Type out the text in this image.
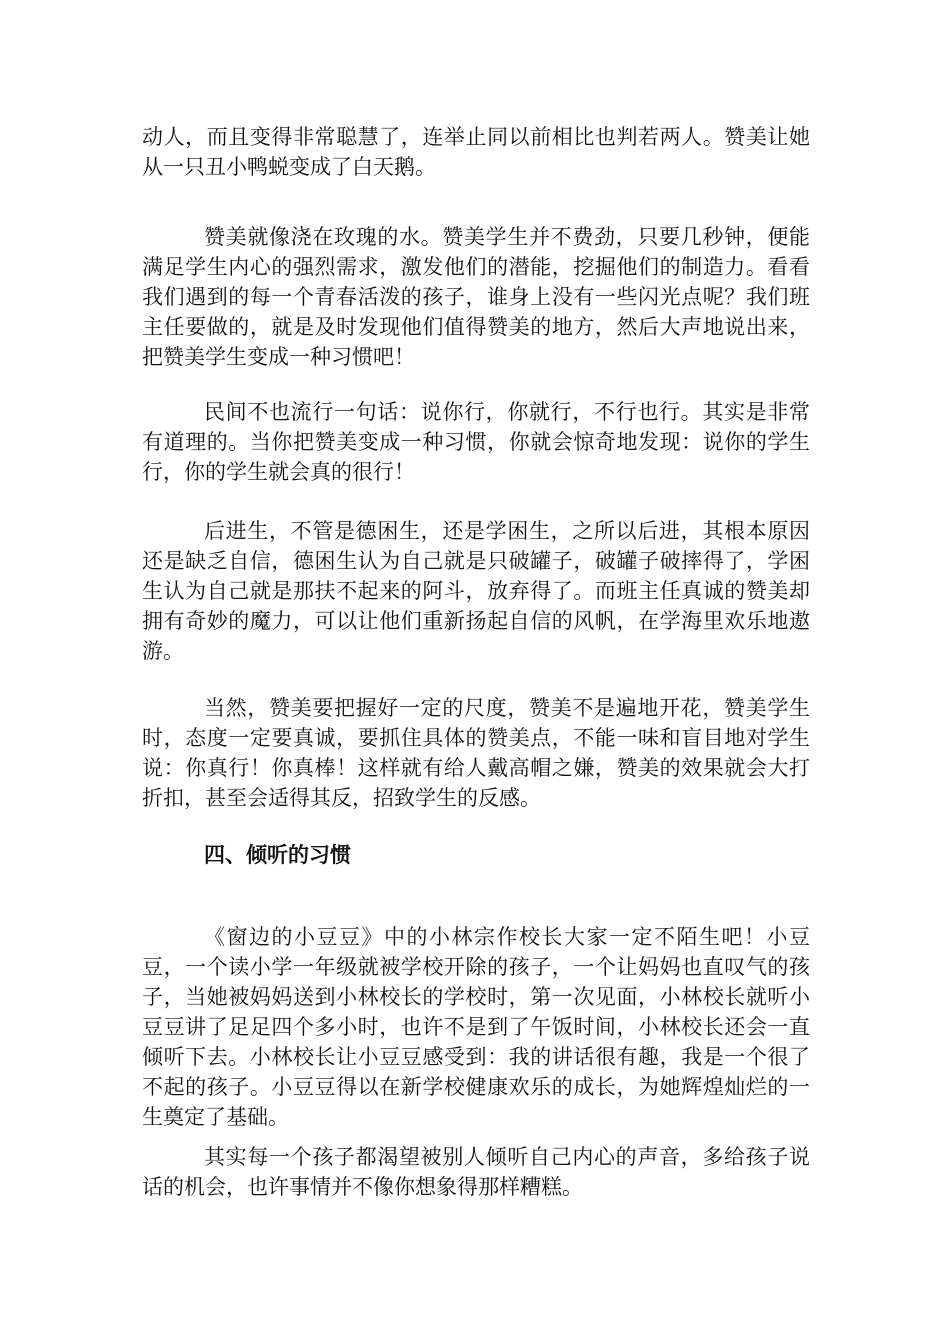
动人，而且变得非常聪慧了，连举止同以前相比也判若两人。赞美让她从一只丑小鸭蜕变成了白天鹅。

赞美就像浇在玫瑰的水。赞美学生并不费劲，只要几秒钟，便能满足学生内心的强烈需求，激发他们的潜能，挖掘他们的制造力。看看我们遇到的每一个青春活泼的孩子，谁身上没有一些闪光点呢？我们班主任要做的，就是及时发现他们值得赞美的地方，然后大声地说出来，把赞美学生变成一种习惯吧！

民间不也流行一句话：说你行，你就行，不行也行。其实是非常有道理的。当你把赞美变成一种习惯，你就会惊奇地发现：说你的学生行，你的学生就会真的很行！

后进生，不管是德困生，还是学困生，之所以后进，其根本原因还是缺乏自信，德困生认为自己就是只破罐子，破罐子破摔得了，学困生认为自己就是那扶不起来的阿斗，放弃得了。而班主任真诚的赞美却拥有奇妙的魔力，可以让他们重新扬起自信的风帆，在学海里欢乐地遨游。

当然，赞美要把握好一定的尺度，赞美不是遍地开花，赞美学生时，态度一定要真诚，要抓住具体的赞美点，不能一味和盲目地对学生说：你真行！你真棒！这样就有给人戴高帽之嫌，赞美的效果就会大打折扣，甚至会适得其反，招致学生的反感。

四、倾听的习惯

《窗边的小豆豆》中的小林宗作校长大家一定不陌生吧！小豆豆，一个读小学一年级就被学校开除的孩子，一个让妈妈也直叹气的孩子，当她被妈妈送到小林校长的学校时，第一次见面，小林校长就听小豆豆讲了足足四个多小时，也许不是到了午饭时间，小林校长还会一直倾听下去。小林校长让小豆豆感受到：我的讲话很有趣，我是一个很了不起的孩子。小豆豆得以在新学校健康欢乐的成长，为她辉煌灿烂的一生奠定了基础。

其实每一个孩子都渴望被别人倾听自己内心的声音，多给孩子说话的机会，也许事情并不像你想象得那样糟糕。
